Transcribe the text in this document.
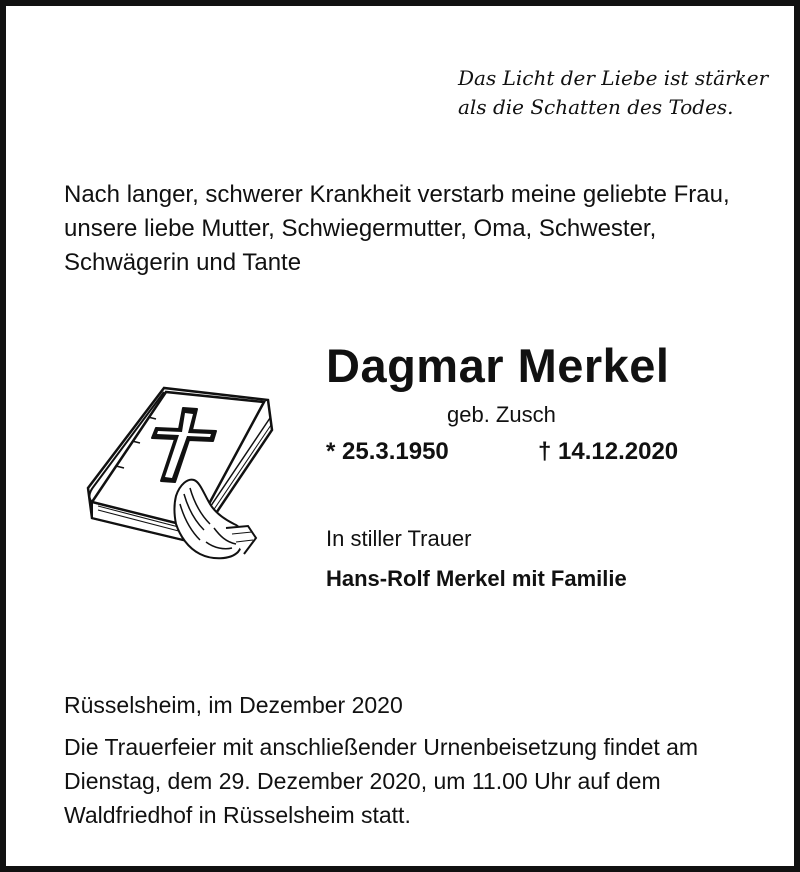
Das Licht der Liebe ist stärker
als die Schatten des Todes.
Nach langer, schwerer Krankheit verstarb meine geliebte Frau,
unsere liebe Mutter, Schwiegermutter, Oma, Schwester,
Schwägerin und Tante
Dagmar Merkel
geb. Zusch
* 25.3.1950	† 14.12.2020
In stiller Trauer
Hans-Rolf Merkel mit Familie
Rüsselsheim, im Dezember 2020
Die Trauerfeier mit anschließender Urnenbeisetzung findet am
Dienstag, dem 29. Dezember 2020, um 11.00 Uhr auf dem
Waldfriedhof in Rüsselsheim statt.
